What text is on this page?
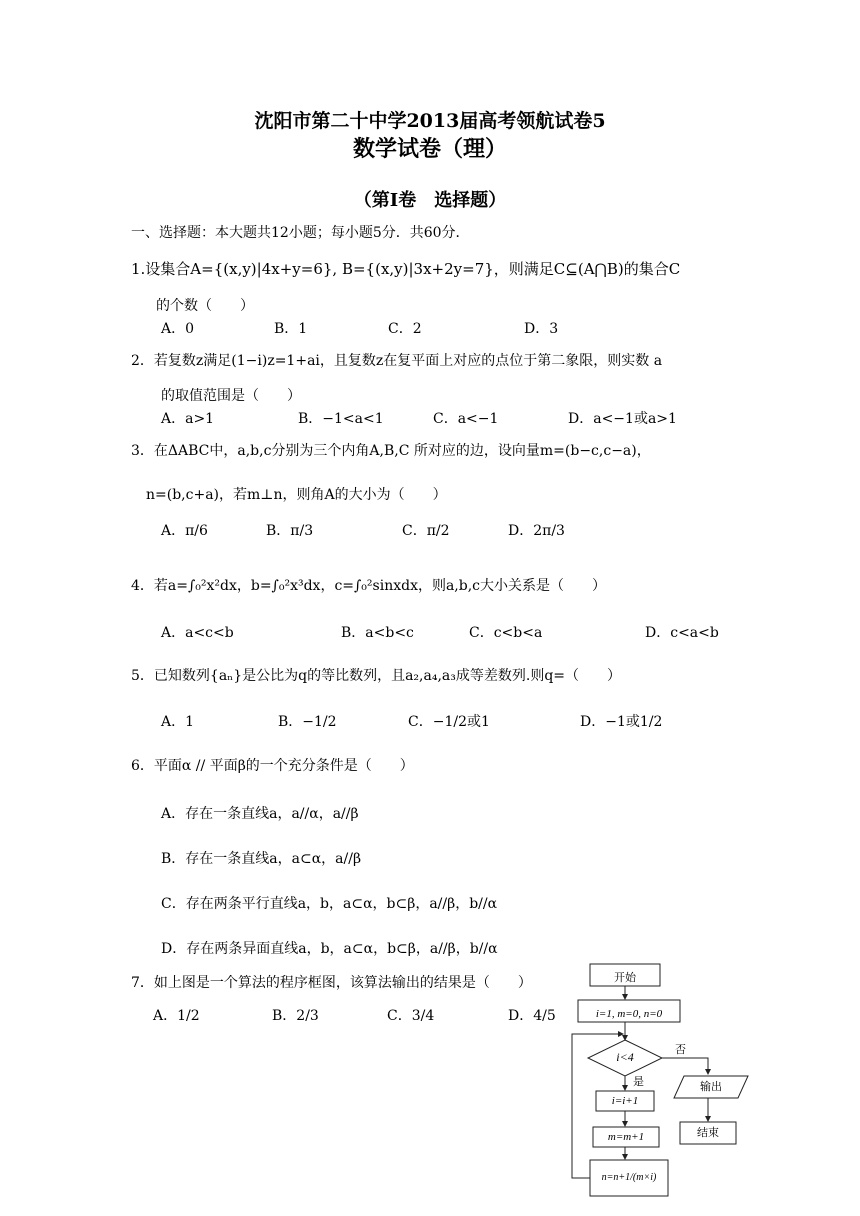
沈阳市第二十中学2013届高考领航试卷5
数学试卷（理）
（第Ⅰ卷　选择题）
一、选择题：本大题共12小题；每小题5分．共60分．
1.设集合A={(x,y)|4x+y=6}, B={(x,y)|3x+2y=7}，则满足C⊆(A⋂B)的集合C
的个数（　　）
A．0	B．1	C．2	D．3
2．若复数z满足(1−i)z=1+ai，且复数z在复平面上对应的点位于第二象限，则实数 a
的取值范围是（　　）
A．a>1	B．−1<a<1	C．a<−1	D．a<−1或a>1
3．在ΔABC中，a,b,c分别为三个内角A,B,C 所对应的边，设向量m=(b−c,c−a)，
n=(b,c+a)，若m⊥n，则角A的大小为（　　）
A．π/6	B．π/3	C．π/2	D．2π/3
4．若a=∫₀²x²dx，b=∫₀²x³dx，c=∫₀²sinxdx，则a,b,c大小关系是（　　）
A．a<c<b	B．a<b<c	C．c<b<a	D．c<a<b
5．已知数列{aₙ}是公比为q的等比数列，且a₂,a₄,a₃成等差数列.则q=（　　）
A．1	B．−1/2	C．−1/2或1	D．−1或1/2
6．平面α // 平面β的一个充分条件是（　　）
A．存在一条直线a，a//α，a//β
B．存在一条直线a，a⊂α，a//β
C．存在两条平行直线a，b，a⊂α，b⊂β，a//β，b//α
D．存在两条异面直线a，b，a⊂α，b⊂β，a//β，b//α
7．如上图是一个算法的程序框图，该算法输出的结果是（　　）
A．1/2	B．2/3	C．3/4	D．4/5
开始
i=1, m=0, n=0
i<4
否
是	输出
结束
i=i+1
m=m+1
n=n+1/(m×i)
